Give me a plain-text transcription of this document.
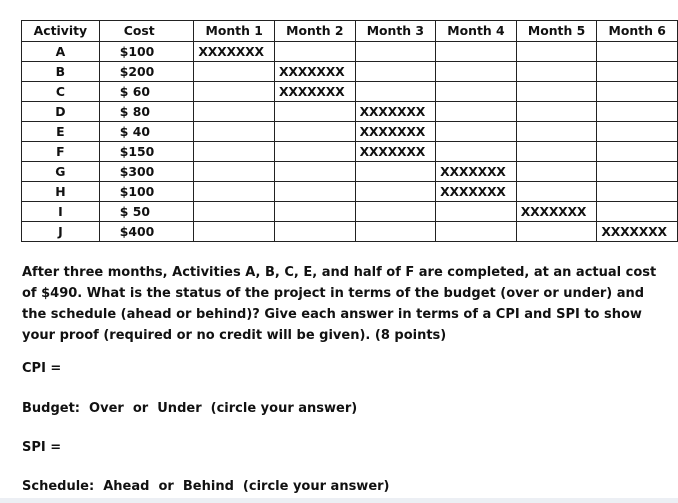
Activity	Cost	Month 1	Month 2	Month 3	Month 4	Month 5	Month 6
A	$100	XXXXXXX					
B	$200		XXXXXXX				
C	$ 60		XXXXXXX				
D	$ 80			XXXXXXX			
E	$ 40			XXXXXXX			
F	$150			XXXXXXX			
G	$300				XXXXXXX		
H	$100				XXXXXXX		
I	$ 50					XXXXXXX	
J	$400						XXXXXXX

After three months, Activities A, B, C, E, and half of F are completed, at an actual cost of $490. What is the status of the project in terms of the budget (over or under) and the schedule (ahead or behind)? Give each answer in terms of a CPI and SPI to show your proof (required or no credit will be given). (8 points)

CPI =

Budget:  Over  or  Under  (circle your answer)

SPI =

Schedule:  Ahead  or  Behind  (circle your answer)
